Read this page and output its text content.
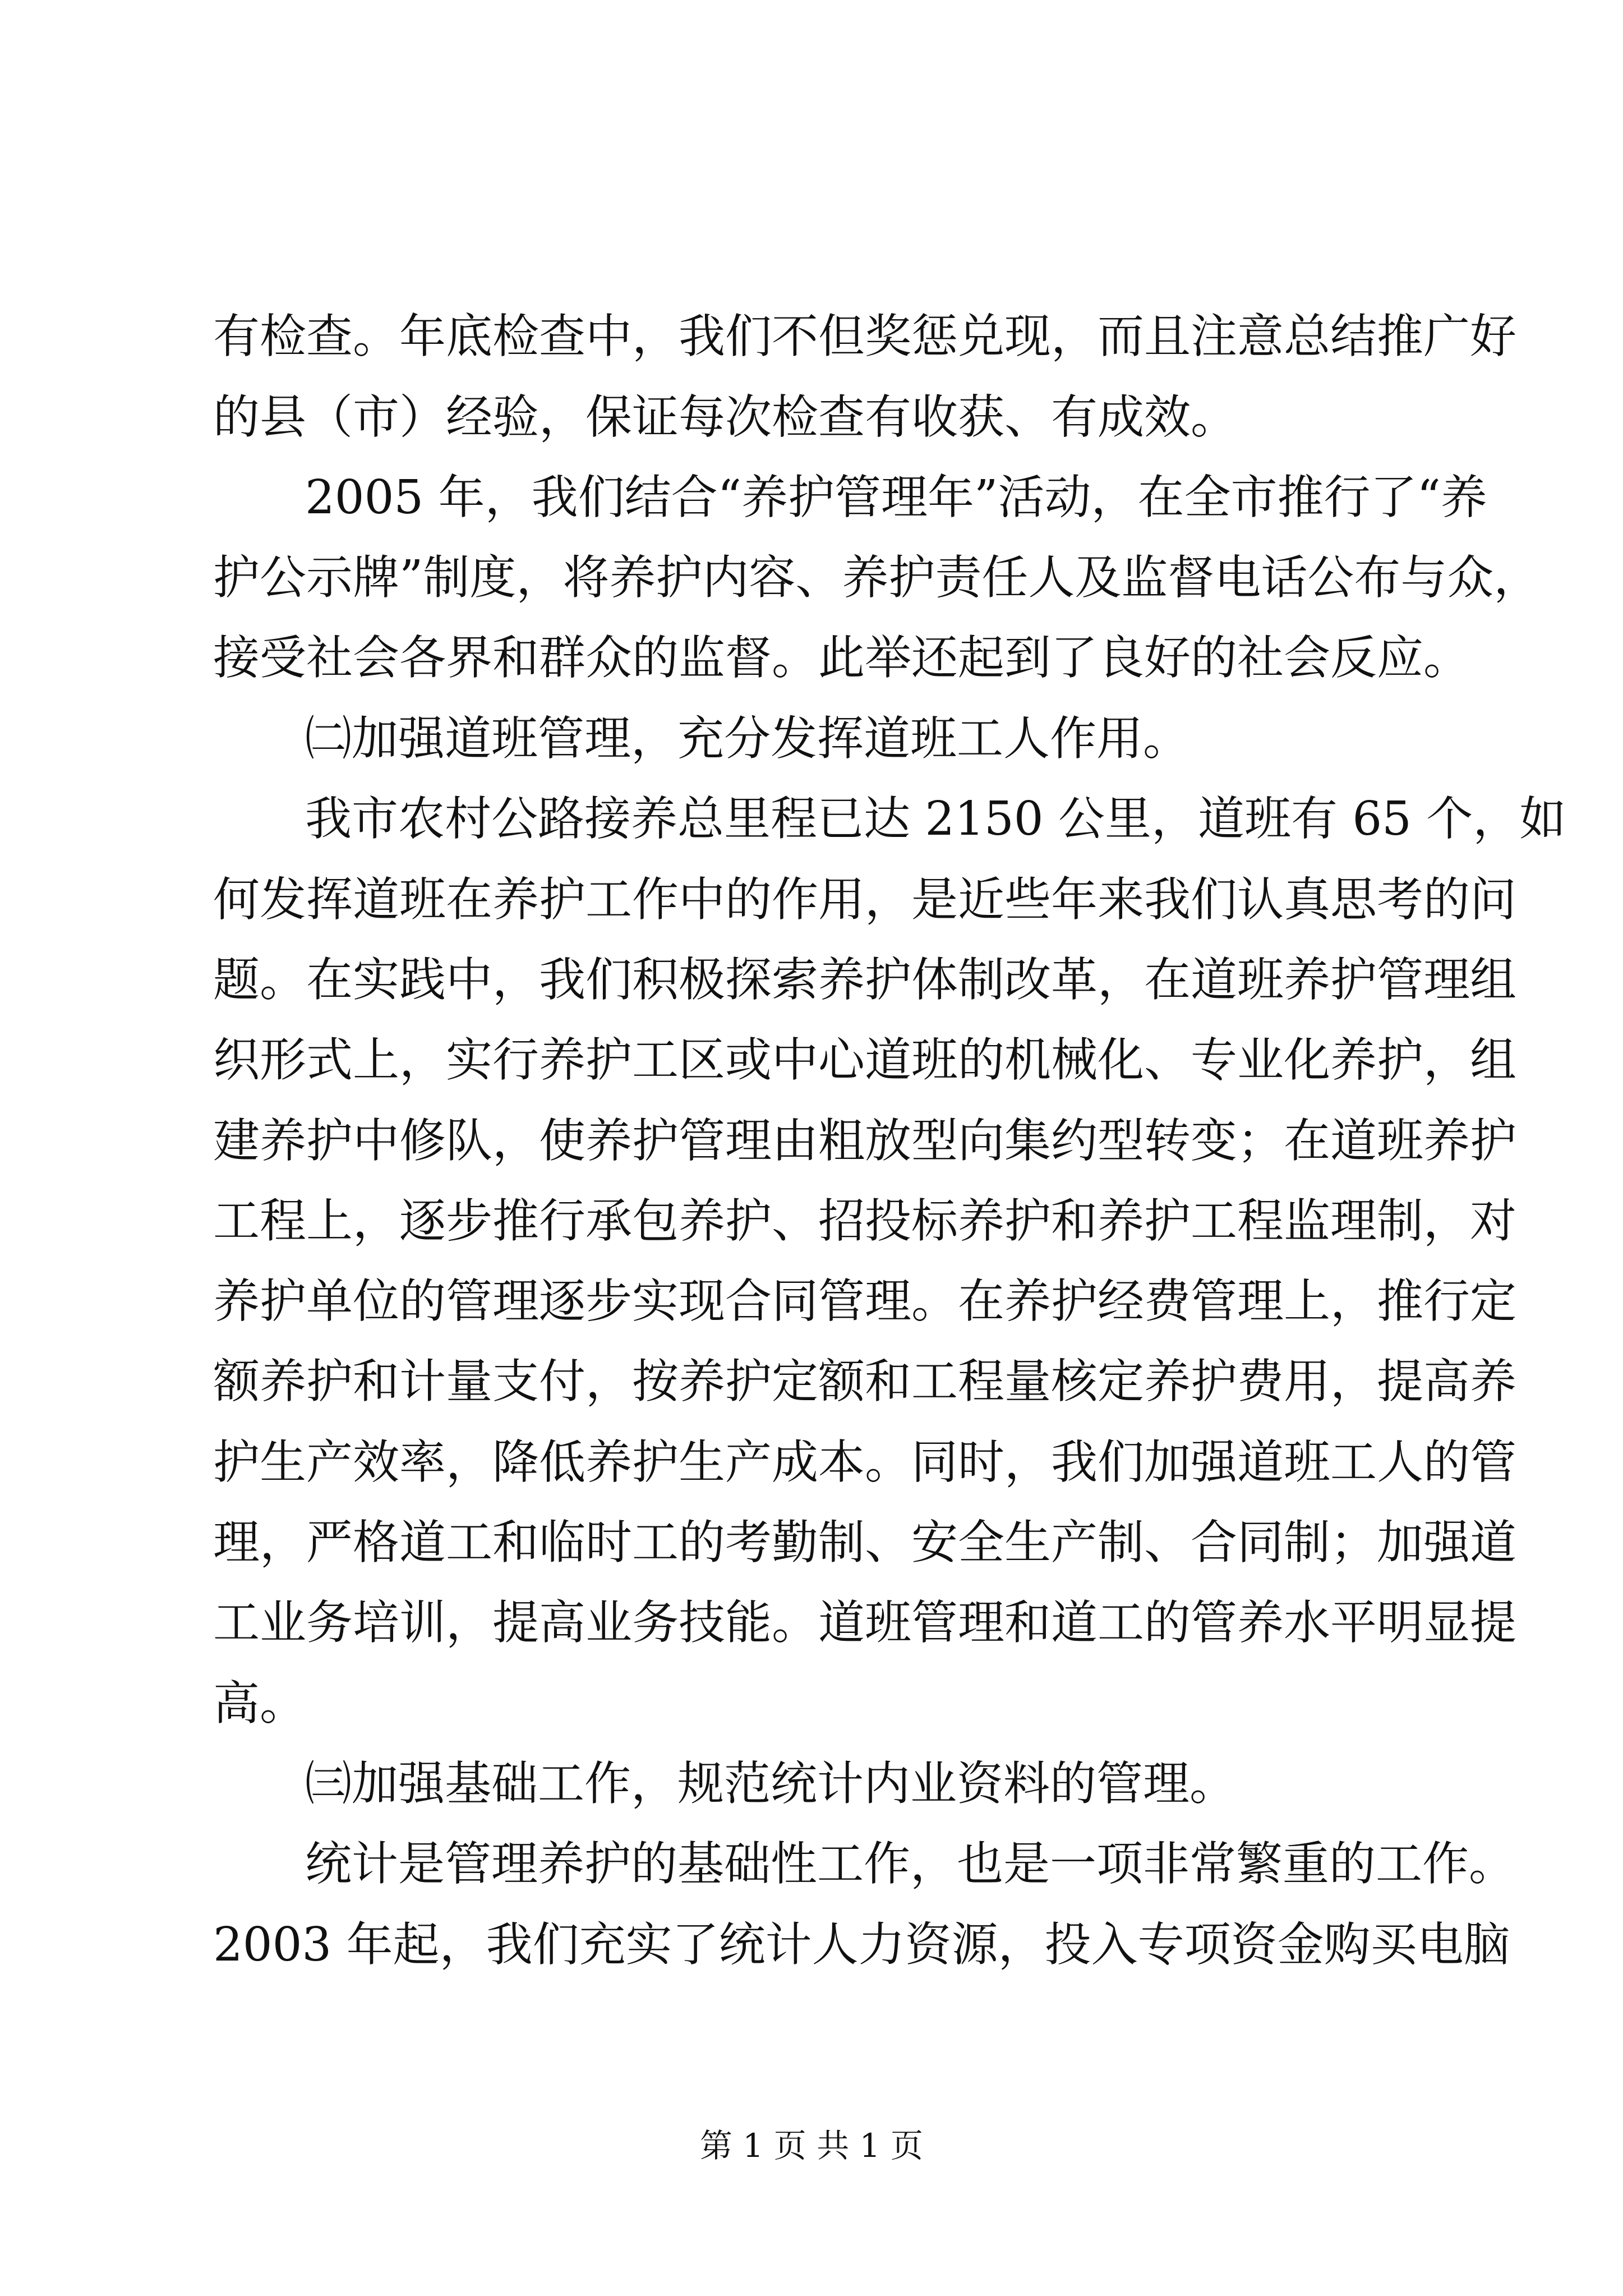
有检查。年底检查中，我们不但奖惩兑现，而且注意总结推广好

的县（市）经验，保证每次检查有收获、有成效。

2005 年，我们结合“养护管理年”活动，在全市推行了“养

护公示牌”制度，将养护内容、养护责任人及监督电话公布与众，

接受社会各界和群众的监督。此举还起到了良好的社会反应。

㈡加强道班管理，充分发挥道班工人作用。

我市农村公路接养总里程已达 2150 公里，道班有 65 个，如

何发挥道班在养护工作中的作用，是近些年来我们认真思考的问

题。在实践中，我们积极探索养护体制改革，在道班养护管理组

织形式上，实行养护工区或中心道班的机械化、专业化养护，组

建养护中修队，使养护管理由粗放型向集约型转变；在道班养护

工程上，逐步推行承包养护、招投标养护和养护工程监理制，对

养护单位的管理逐步实现合同管理。在养护经费管理上，推行定

额养护和计量支付，按养护定额和工程量核定养护费用，提高养

护生产效率，降低养护生产成本。同时，我们加强道班工人的管

理，严格道工和临时工的考勤制、安全生产制、合同制；加强道

工业务培训，提高业务技能。道班管理和道工的管养水平明显提

高。

㈢加强基础工作，规范统计内业资料的管理。

统计是管理养护的基础性工作，也是一项非常繁重的工作。

2003 年起，我们充实了统计人力资源，投入专项资金购买电脑

第 1 页 共 1 页
